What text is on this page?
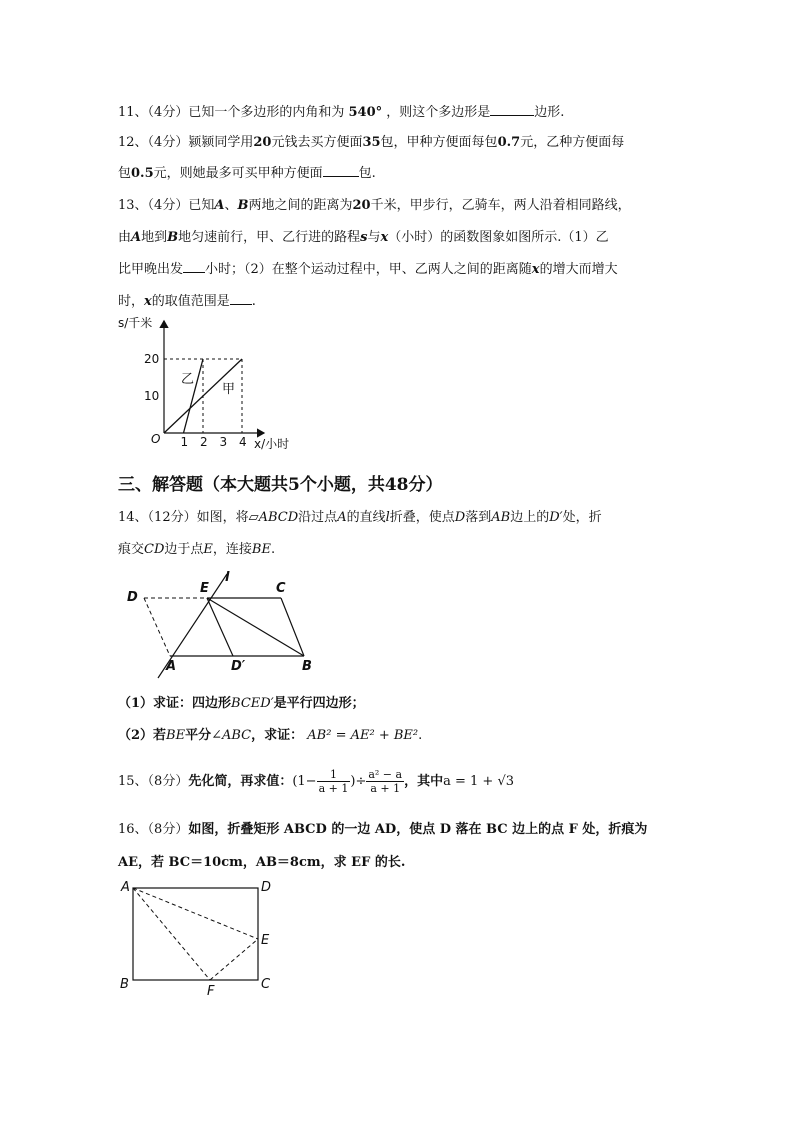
11、（4分）已知一个多边形的内角和为 540° ，则这个多边形是	边形.
12、（4分）颍颍同学用20元钱去买方便面35包，甲种方便面每包0.7元，乙种方便面每
包0.5元，则她最多可买甲种方便面	包.
13、（4分）已知A、B两地之间的距离为20千米，甲步行，乙骑车，两人沿着相同路线，
由A地到B地匀速前行，甲、乙行进的路程s与x（小时）的函数图象如图所示.（1）乙
比甲晚出发 小时；（2）在整个运动过程中，甲、乙两人之间的距离随x的增大而增大
时，x的取值范围是 .
s/千米
x/小时
O
20
10
1 2 3 4
乙
甲
三、解答题（本大题共5个小题，共48分）
14、（12分）如图，将▱ABCD沿过点A的直线l折叠，使点D落到AB边上的D′处，折
痕交CD边于点E，连接BE.
D
E
l
C
A	D′	B
（1）求证：四边形BCED′是平行四边形；
（2）若BE平分∠ABC，求证： AB² = AE² + BE².
15、（8分）先化简，再求值：($1- \frac{1}{a + 1}$ )÷ $\frac{\text{a² − a}}{a + 1}$ ，其中a = 1 + √3
16、（8分）如图，折叠矩形 ABCD 的一边 AD，使点 D 落在 BC 边上的点 F 处，折痕为
AE，若 BC＝10cm，AB＝8cm，求 EF 的长.
A	D
E
B	F	C
